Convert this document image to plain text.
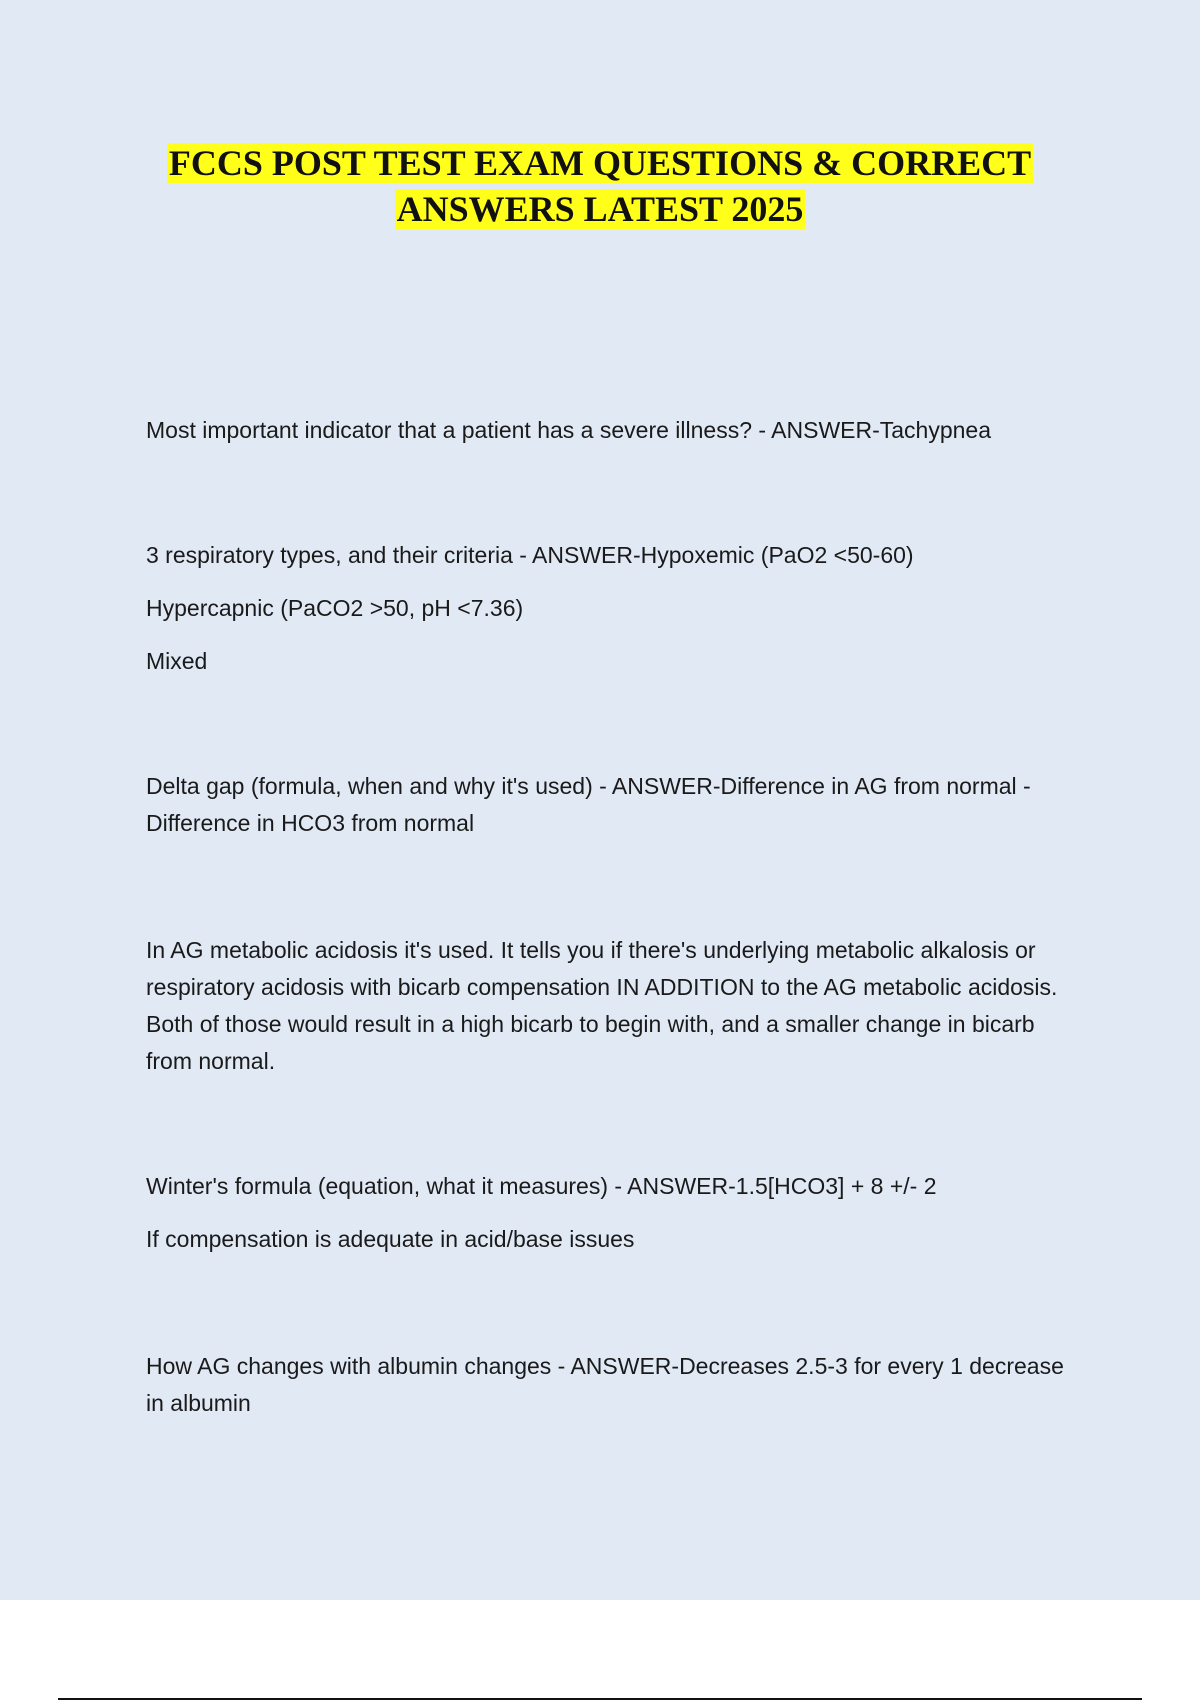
FCCS POST TEST EXAM QUESTIONS & CORRECT
ANSWERS LATEST 2025

Most important indicator that a patient has a severe illness? - ANSWER-Tachypnea

3 respiratory types, and their criteria - ANSWER-Hypoxemic (PaO2 <50-60)

Hypercapnic (PaCO2 >50, pH <7.36)

Mixed

Delta gap (formula, when and why it's used) - ANSWER-Difference in AG from normal - Difference in HCO3 from normal

In AG metabolic acidosis it's used. It tells you if there's underlying metabolic alkalosis or respiratory acidosis with bicarb compensation IN ADDITION to the AG metabolic acidosis. Both of those would result in a high bicarb to begin with, and a smaller change in bicarb from normal.

Winter's formula (equation, what it measures) - ANSWER-1.5[HCO3] + 8 +/- 2

If compensation is adequate in acid/base issues

How AG changes with albumin changes - ANSWER-Decreases 2.5-3 for every 1 decrease in albumin
